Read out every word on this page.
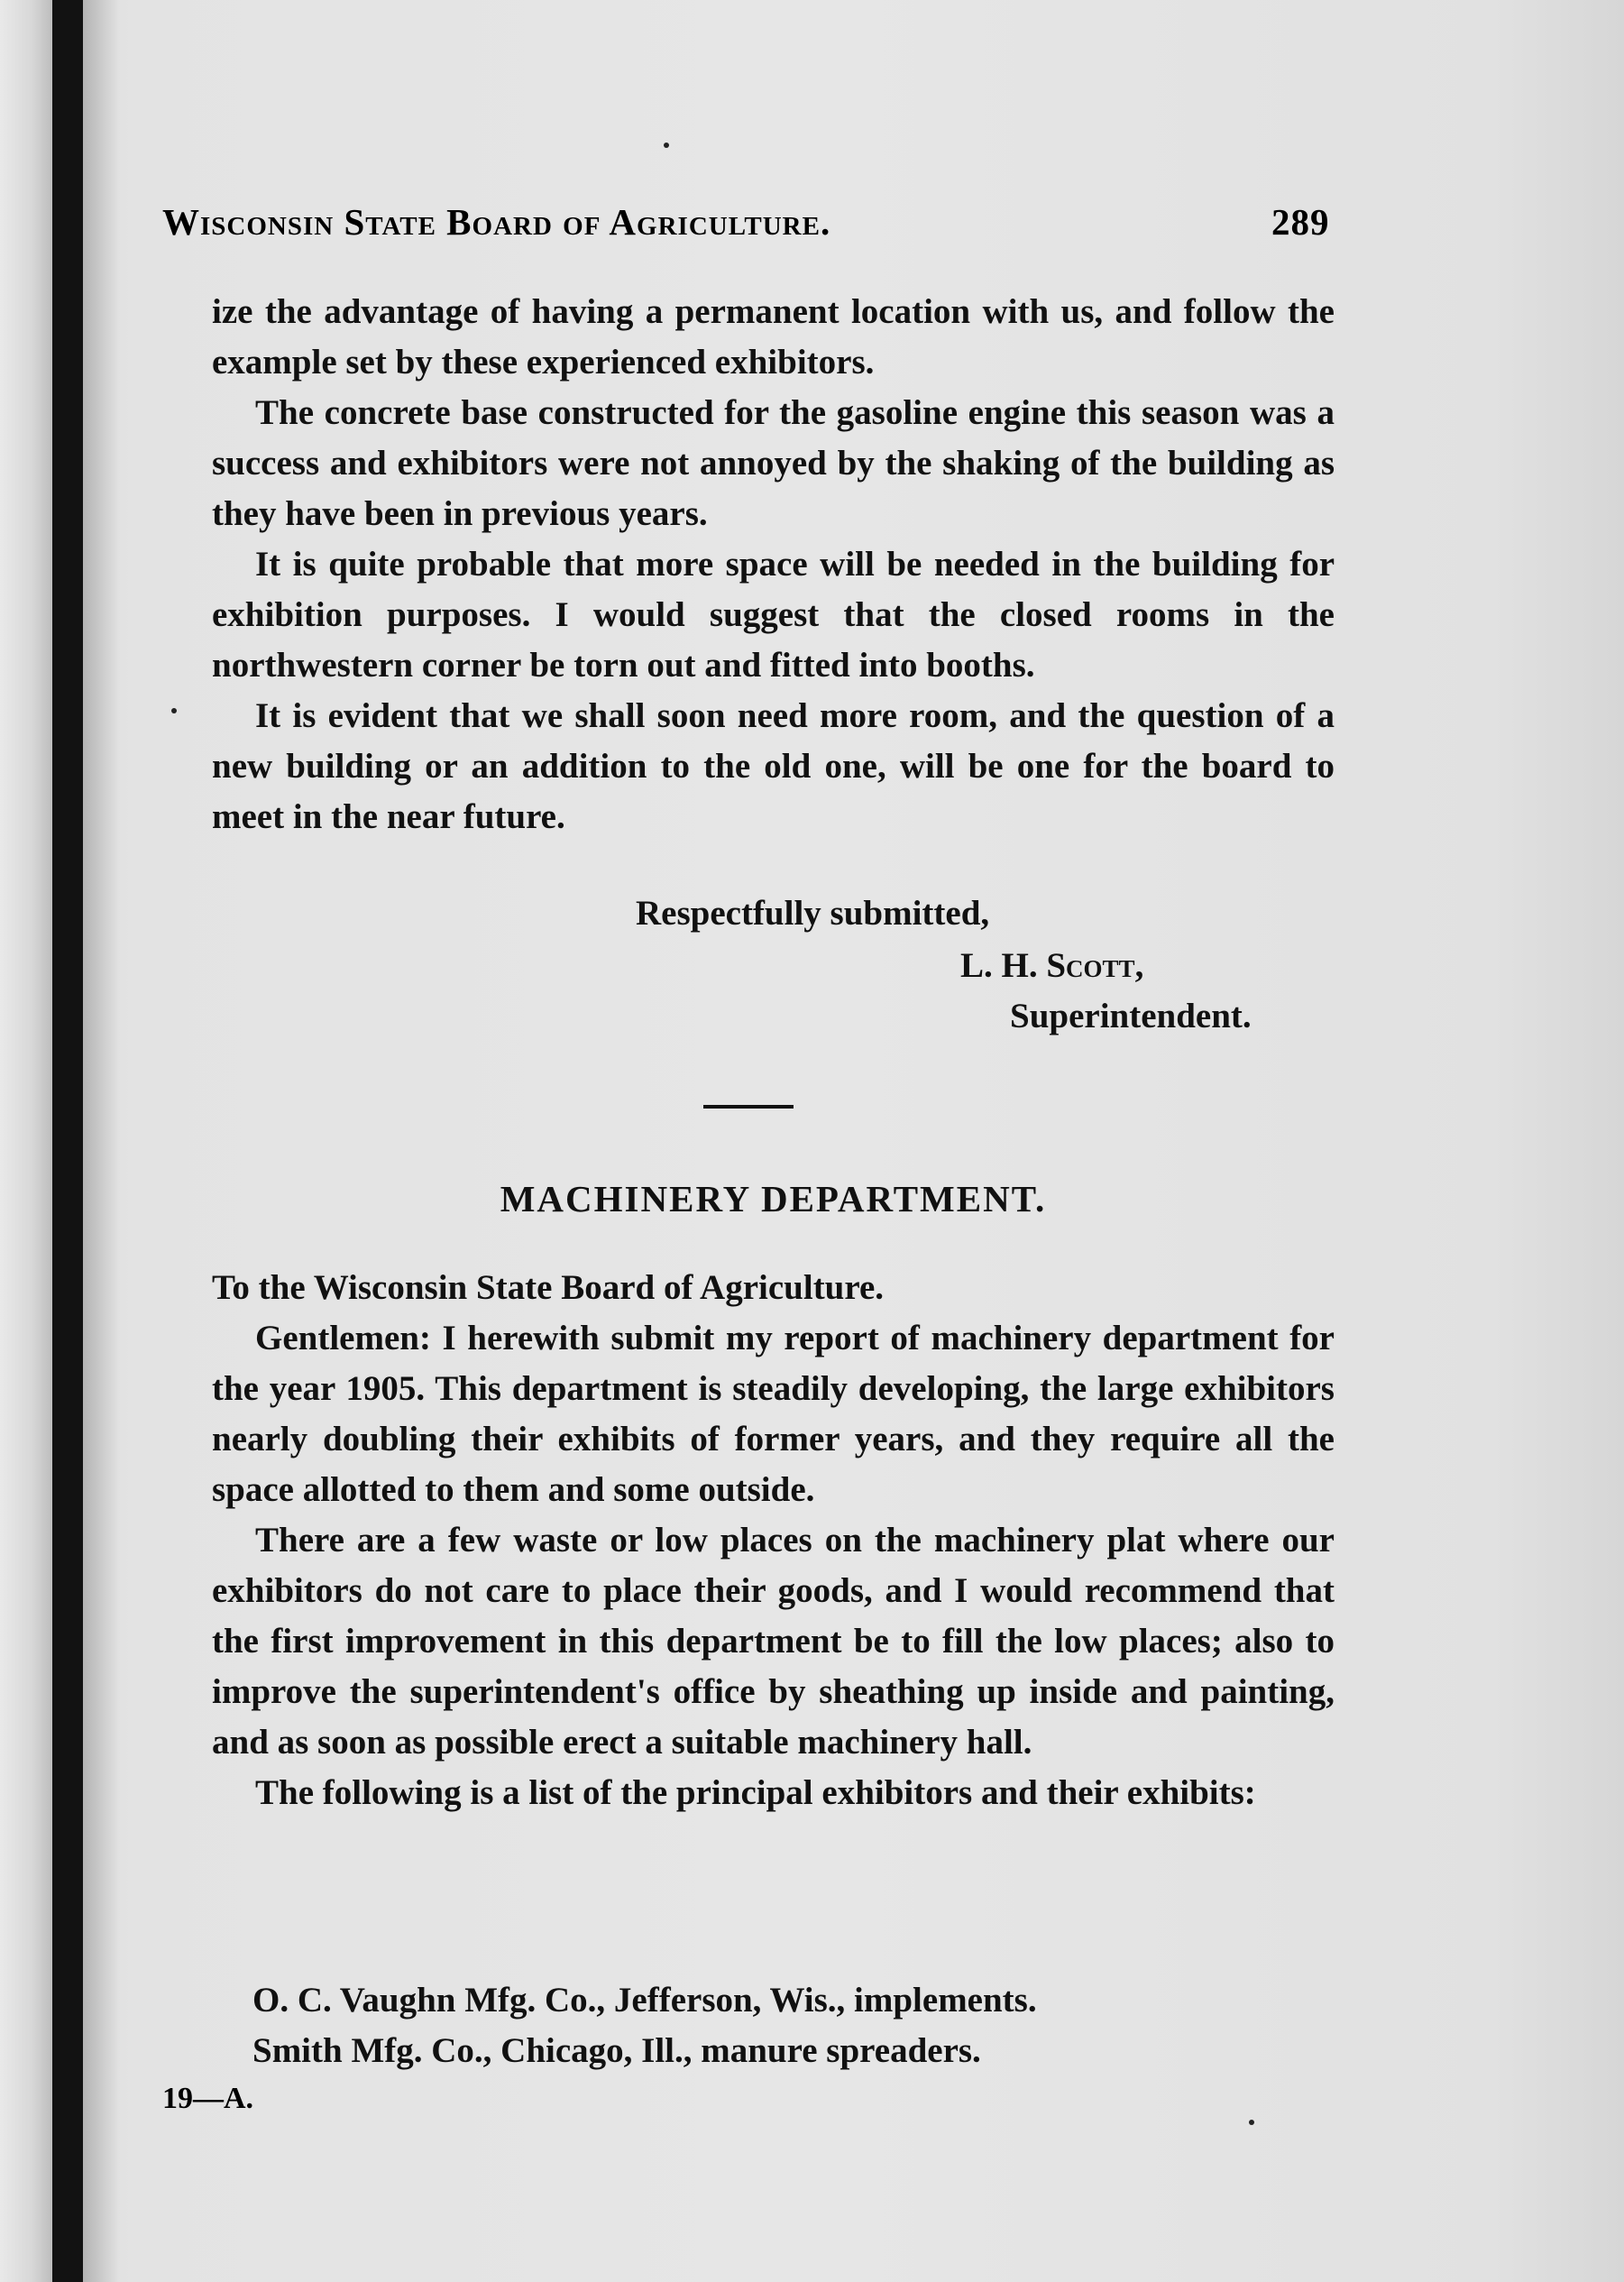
Wisconsin State Board of Agriculture.	289

ize the advantage of having a permanent location with us, and follow the example set by these experienced exhibitors.

The concrete base constructed for the gasoline engine this season was a success and exhibitors were not annoyed by the shaking of the building as they have been in previous years.

It is quite probable that more space will be needed in the building for exhibition purposes. I would suggest that the closed rooms in the northwestern corner be torn out and fitted into booths.

It is evident that we shall soon need more room, and the question of a new building or an addition to the old one, will be one for the board to meet in the near future.

Respectfully submitted,
L. H. Scott,
Superintendent.
MACHINERY DEPARTMENT.

To the Wisconsin State Board of Agriculture.

Gentlemen: I herewith submit my report of machinery department for the year 1905. This department is steadily developing, the large exhibitors nearly doubling their exhibits of former years, and they require all the space allotted to them and some outside.

There are a few waste or low places on the machinery plat where our exhibitors do not care to place their goods, and I would recommend that the first improvement in this department be to fill the low places; also to improve the superintendent's office by sheathing up inside and painting, and as soon as possible erect a suitable machinery hall.

The following is a list of the principal exhibitors and their exhibits:

O. C. Vaughn Mfg. Co., Jefferson, Wis., implements.
Smith Mfg. Co., Chicago, Ill., manure spreaders.
19—A.
